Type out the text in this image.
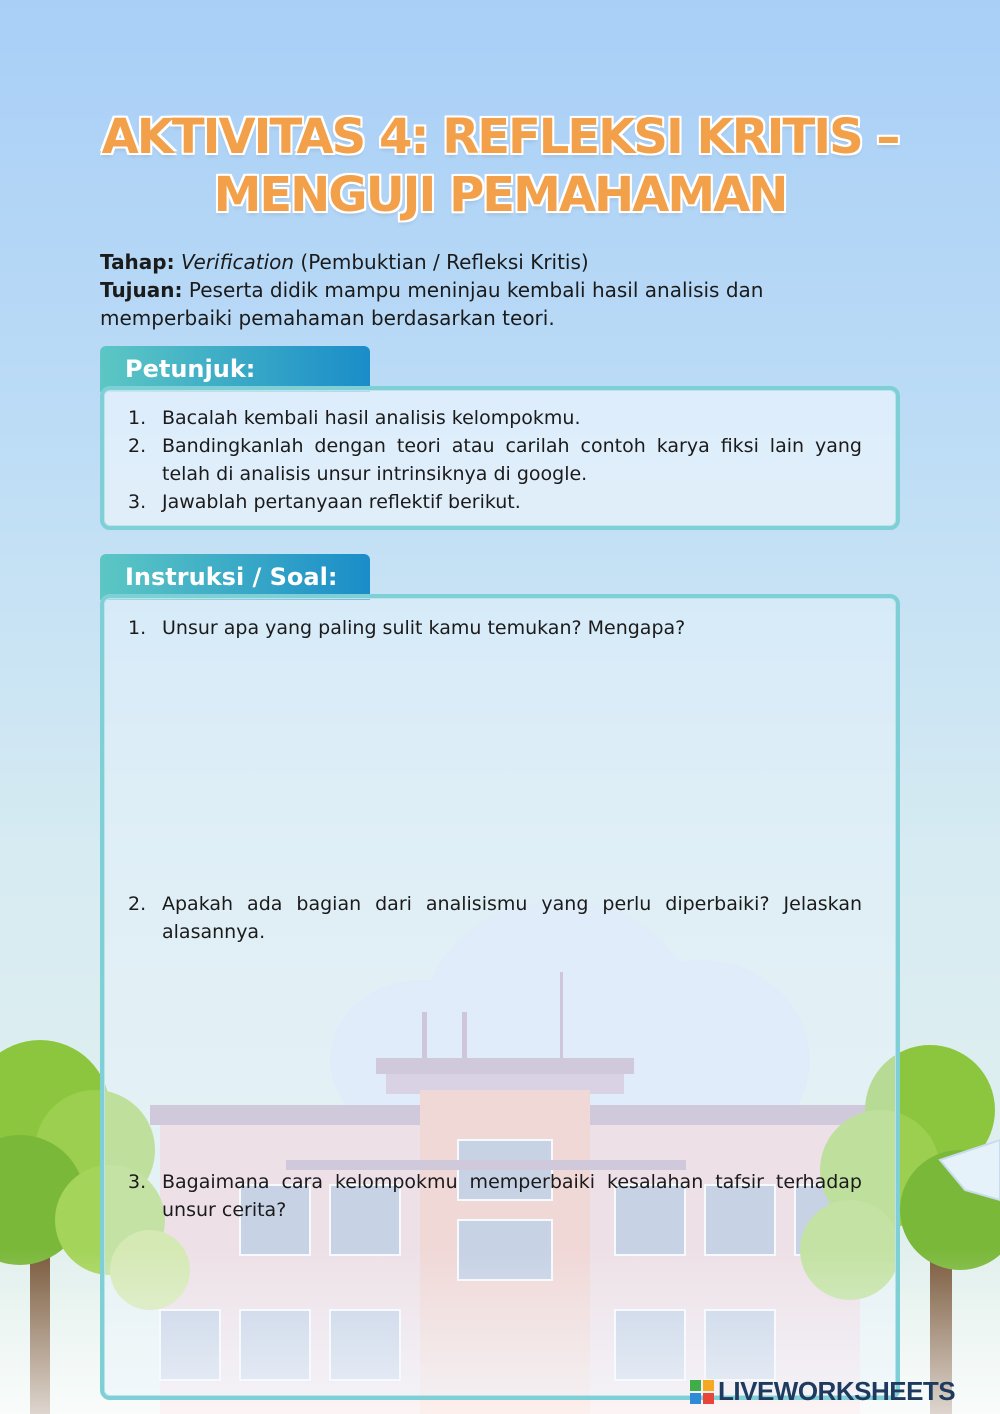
AKTIVITAS 4: REFLEKSI KRITIS –
MENGUJI PEMAHAMAN
Tahap: Verification (Pembuktian / Refleksi Kritis)
Tujuan: Peserta didik mampu meninjau kembali hasil analisis dan memperbaiki pemahaman berdasarkan teori.
Petunjuk:
1. Bacalah kembali hasil analisis kelompokmu.
2. Bandingkanlah dengan teori atau carilah contoh karya fiksi lain yang telah di analisis unsur intrinsiknya di google.
3. Jawablah pertanyaan reflektif berikut.
Instruksi / Soal:
1. Unsur apa yang paling sulit kamu temukan? Mengapa?
2. Apakah ada bagian dari analisismu yang perlu diperbaiki? Jelaskan alasannya.
3. Bagaimana cara kelompokmu memperbaiki kesalahan tafsir terhadap unsur cerita?
LIVEWORKSHEETS
